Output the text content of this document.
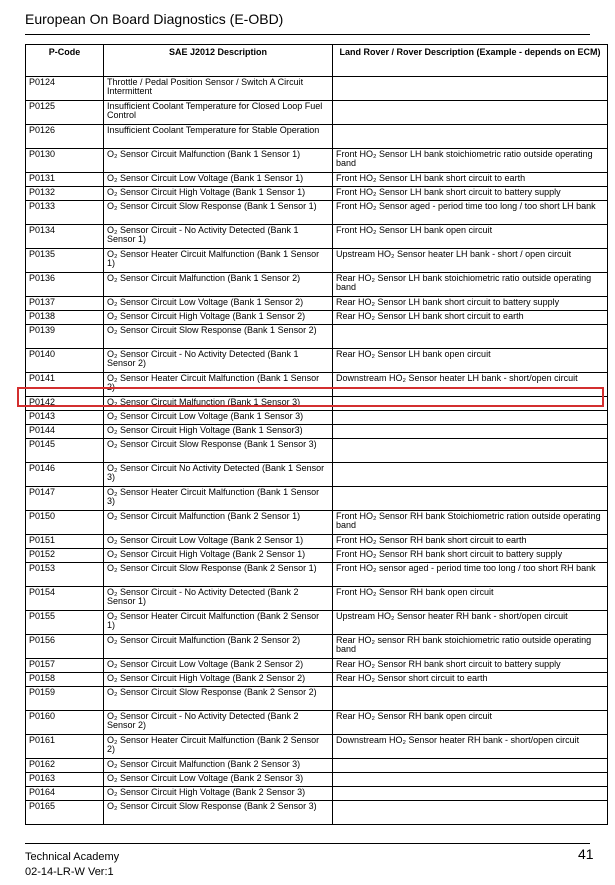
European On Board Diagnostics (E-OBD)
P-Code	SAE J2012 Description	Land Rover / Rover Description (Example - depends on ECM)
P0124	Throttle / Pedal Position Sensor / Switch A Circuit Intermittent	
P0125	Insufficient Coolant Temperature for Closed Loop Fuel Control	
P0126	Insufficient Coolant Temperature for Stable Operation	
P0130	O₂ Sensor Circuit Malfunction (Bank 1 Sensor 1)	Front HO₂ Sensor LH bank stoichiometric ratio outside operating band
P0131	O₂ Sensor Circuit Low Voltage (Bank 1 Sensor 1)	Front HO₂ Sensor LH bank short circuit to earth
P0132	O₂ Sensor Circuit High Voltage (Bank 1 Sensor 1)	Front HO₂ Sensor LH bank short circuit to battery supply
P0133	O₂ Sensor Circuit Slow Response (Bank 1 Sensor 1)	Front HO₂ Sensor aged - period time too long / too short LH bank
P0134	O₂ Sensor Circuit - No Activity Detected (Bank 1 Sensor 1)	Front HO₂ Sensor LH bank open circuit
P0135	O₂ Sensor Heater Circuit Malfunction (Bank 1 Sensor 1)	Upstream HO₂ Sensor heater LH bank - short / open circuit
P0136	O₂ Sensor Circuit Malfunction (Bank 1 Sensor 2)	Rear HO₂ Sensor LH bank stoichiometric ratio outside operating band
P0137	O₂ Sensor Circuit Low Voltage (Bank 1 Sensor 2)	Rear HO₂ Sensor LH bank short circuit to battery supply
P0138	O₂ Sensor Circuit High Voltage (Bank 1 Sensor 2)	Rear HO₂ Sensor LH bank short circuit to earth
P0139	O₂ Sensor Circuit Slow Response (Bank 1 Sensor 2)	
P0140	O₂ Sensor Circuit - No Activity Detected (Bank 1 Sensor 2)	Rear HO₂ Sensor LH bank open circuit
P0141	O₂ Sensor Heater Circuit Malfunction (Bank 1 Sensor 2)	Downstream HO₂ Sensor heater LH bank - short/open circuit
P0142	O₂ Sensor Circuit Malfunction (Bank 1 Sensor 3)	
P0143	O₂ Sensor Circuit Low Voltage (Bank 1 Sensor 3)	
P0144	O₂ Sensor Circuit High Voltage (Bank 1 Sensor3)	
P0145	O₂ Sensor Circuit Slow Response (Bank 1 Sensor 3)	
P0146	O₂ Sensor Circuit No Activity Detected (Bank 1 Sensor 3)	
P0147	O₂ Sensor Heater Circuit Malfunction (Bank 1 Sensor 3)	
P0150	O₂ Sensor Circuit Malfunction (Bank 2 Sensor 1)	Front HO₂ Sensor RH bank Stoichiometric ration outside operating band
P0151	O₂ Sensor Circuit Low Voltage (Bank 2 Sensor 1)	Front HO₂ Sensor RH bank short circuit to earth
P0152	O₂ Sensor Circuit High Voltage (Bank 2 Sensor 1)	Front HO₂ Sensor RH bank short circuit to battery supply
P0153	O₂ Sensor Circuit Slow Response (Bank 2 Sensor 1)	Front HO₂ sensor aged - period time too long / too short RH bank
P0154	O₂ Sensor Circuit - No Activity Detected (Bank 2 Sensor 1)	Front HO₂ Sensor RH bank open circuit
P0155	O₂ Sensor Heater Circuit Malfunction (Bank 2 Sensor 1)	Upstream HO₂ Sensor heater RH bank - short/open circuit
P0156	O₂ Sensor Circuit Malfunction (Bank 2 Sensor 2)	Rear HO₂ sensor RH bank stoichiometric ratio outside operating band
P0157	O₂ Sensor Circuit Low Voltage (Bank 2 Sensor 2)	Rear HO₂ Sensor RH bank short circuit to battery supply
P0158	O₂ Sensor Circuit High Voltage (Bank 2 Sensor 2)	Rear HO₂ Sensor short circuit to earth
P0159	O₂ Sensor Circuit Slow Response (Bank 2 Sensor 2)	
P0160	O₂ Sensor Circuit - No Activity Detected (Bank 2 Sensor 2)	Rear HO₂ Sensor RH bank open circuit
P0161	O₂ Sensor Heater Circuit Malfunction (Bank 2 Sensor 2)	Downstream HO₂ Sensor heater RH bank - short/open circuit
P0162	O₂ Sensor Circuit Malfunction (Bank 2 Sensor 3)	
P0163	O₂ Sensor Circuit Low Voltage (Bank 2 Sensor 3)	
P0164	O₂ Sensor Circuit High Voltage (Bank 2 Sensor 3)	
P0165	O₂ Sensor Circuit Slow Response (Bank 2 Sensor 3)	
Technical Academy
02-14-LR-W Ver:1
41
